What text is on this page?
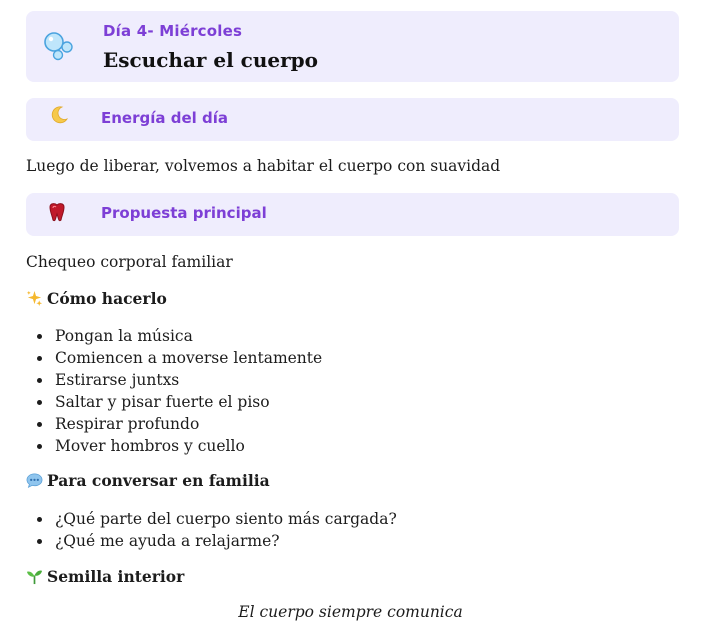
Día 4- Miércoles
Escuchar el cuerpo
Energía del día

Luego de liberar, volvemos a habitar el cuerpo con suavidad

Propuesta principal

Chequeo corporal familiar

Cómo hacerlo
Pongan la música
Comiencen a moverse lentamente
Estirarse juntxs
Saltar y pisar fuerte el piso
Respirar profundo
Mover hombros y cuello
Para conversar en familia
¿Qué parte del cuerpo siento más cargada?
¿Qué me ayuda a relajarme?
Semilla interior
El cuerpo siempre comunica
